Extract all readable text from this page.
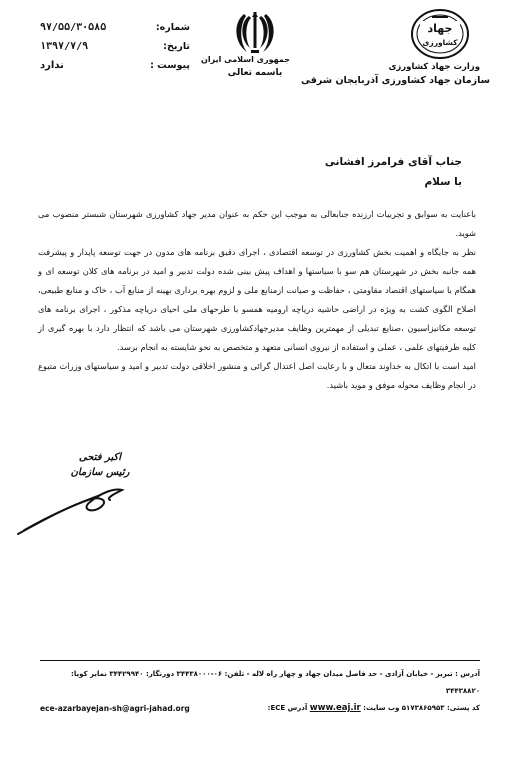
۹۷/۵۵/۳۰۵۸۵	شماره:
۱۳۹۷/۷/۹	تاریخ:
ندارد	پیوست :
جمهوری اسلامی ایران
باسمه تعالی
جهاد
کشاورزی
وزارت جهاد کشاورزی
سازمان جهاد کشاورزی آذربایجان شرقی
جناب آقای فرامرز افشانی
با سلام

باعنایت به سوابق و تجربیات ارزنده جنابعالی به موجب این حکم به عنوان مدیر جهاد کشاورزی شهرستان شبستر منصوب می شوید.

نظر به جایگاه و اهمیت بخش کشاورزی در توسعه اقتصادی ، اجرای دقیق برنامه های مدون در جهت توسعه پایدار و پیشرفت همه جانبه بخش در شهرستان هم سو با سیاستها و اهداف پیش بینی شده دولت تدبیر و امید در برنامه های کلان توسعه ای و همگام با سیاستهای اقتصاد مقاومتی ، حفاظت و صیانت ازمنابع ملی و لزوم بهره برداری بهینه از منابع آب ، خاک و منابع طبیعی، اصلاح الگوی کشت به ویژه در اراضی حاشیه دریاچه ارومیه همسو با طرحهای ملی احیای دریاچه مذکور ، اجرای برنامه های توسعه مکانیزاسیون ،صنایع تبدیلی از مهمترین وظایف مدیرجهادکشاورزی شهرستان می باشد که انتظار دارد با بهره گیری از کلیه ظرفیتهای علمی ، عملی و استفاده از نیروی انسانی متعهد و متخصص به نحو شایسته به انجام برسد.

امید است با اتکال به خداوند متعال و با رعایت اصل اعتدال گرائی و منشور اخلاقی دولت تدبیر و امید و سیاستهای وزرات متبوع در انجام وظایف محوله موفق و موید باشید.

اکبر فتحی
رئیس سازمان
آدرس : تبریز - خیابان آزادی - حد فاصل میدان جهاد و چهار راه لاله - تلفن: ۰۶-۳۴۴۳۸۰۰۰ دورنگار: ۳۴۴۲۹۹۴۰ نمابر کویا: ۳۴۴۳۸۸۲۰
کد پستی: ۵۱۷۳۸۶۵۹۵۳ وب سایت: www.eaj.ir آدرس ECE:
ece-azarbayejan-sh@agri-jahad.org
